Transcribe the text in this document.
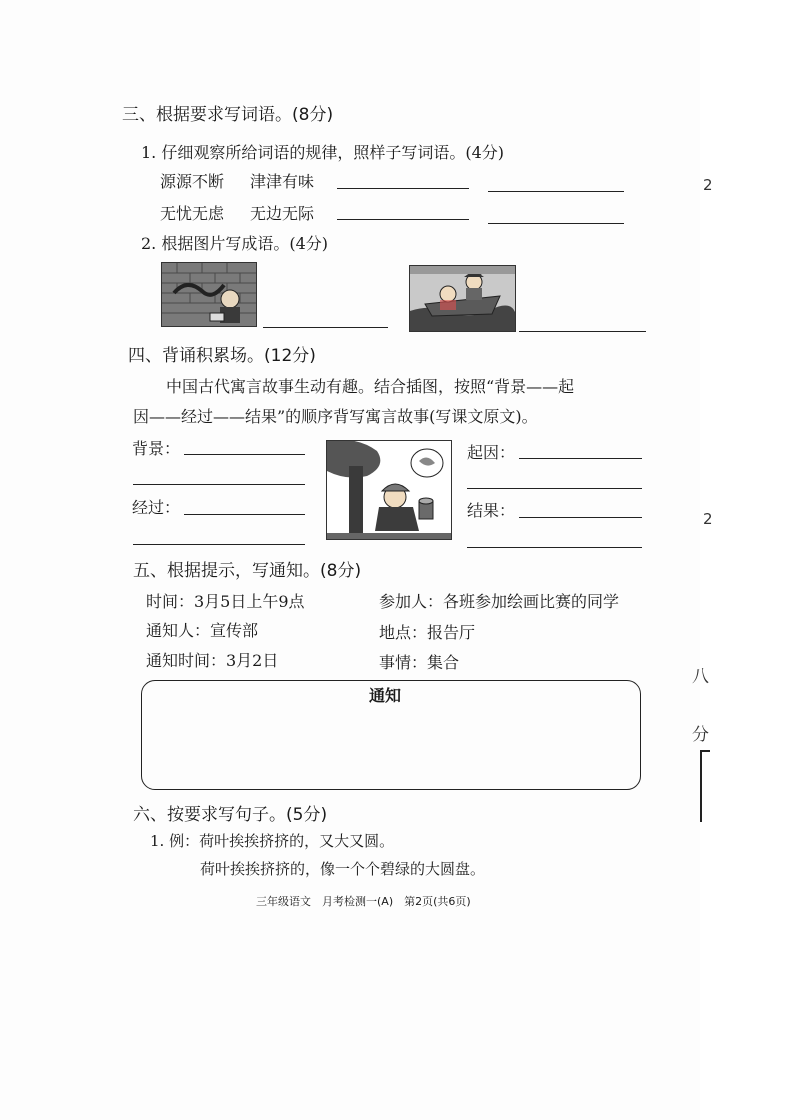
三、根据要求写词语。(8分)
1. 仔细观察所给词语的规律，照样子写词语。(4分)
源源不断 津津有味
无忧无虑 无边无际
2. 根据图片写成语。(4分)
四、背诵积累场。(12分)
中国古代寓言故事生动有趣。结合插图，按照“背景——起
因——经过——结果”的顺序背写寓言故事(写课文原文)。
背景：
经过：
起因：
结果：
五、根据提示，写通知。(8分)
时间：3月5日上午9点	参加人：各班参加绘画比赛的同学
通知人：宣传部	地点：报告厅
通知时间：3月2日	事情：集合
通知
六、按要求写句子。(5分)
1. 例：荷叶挨挨挤挤的，又大又圆。
荷叶挨挨挤挤的，像一个个碧绿的大圆盘。
三年级语文　月考检测一(A)　第2页(共6页)
2
2
八
分
